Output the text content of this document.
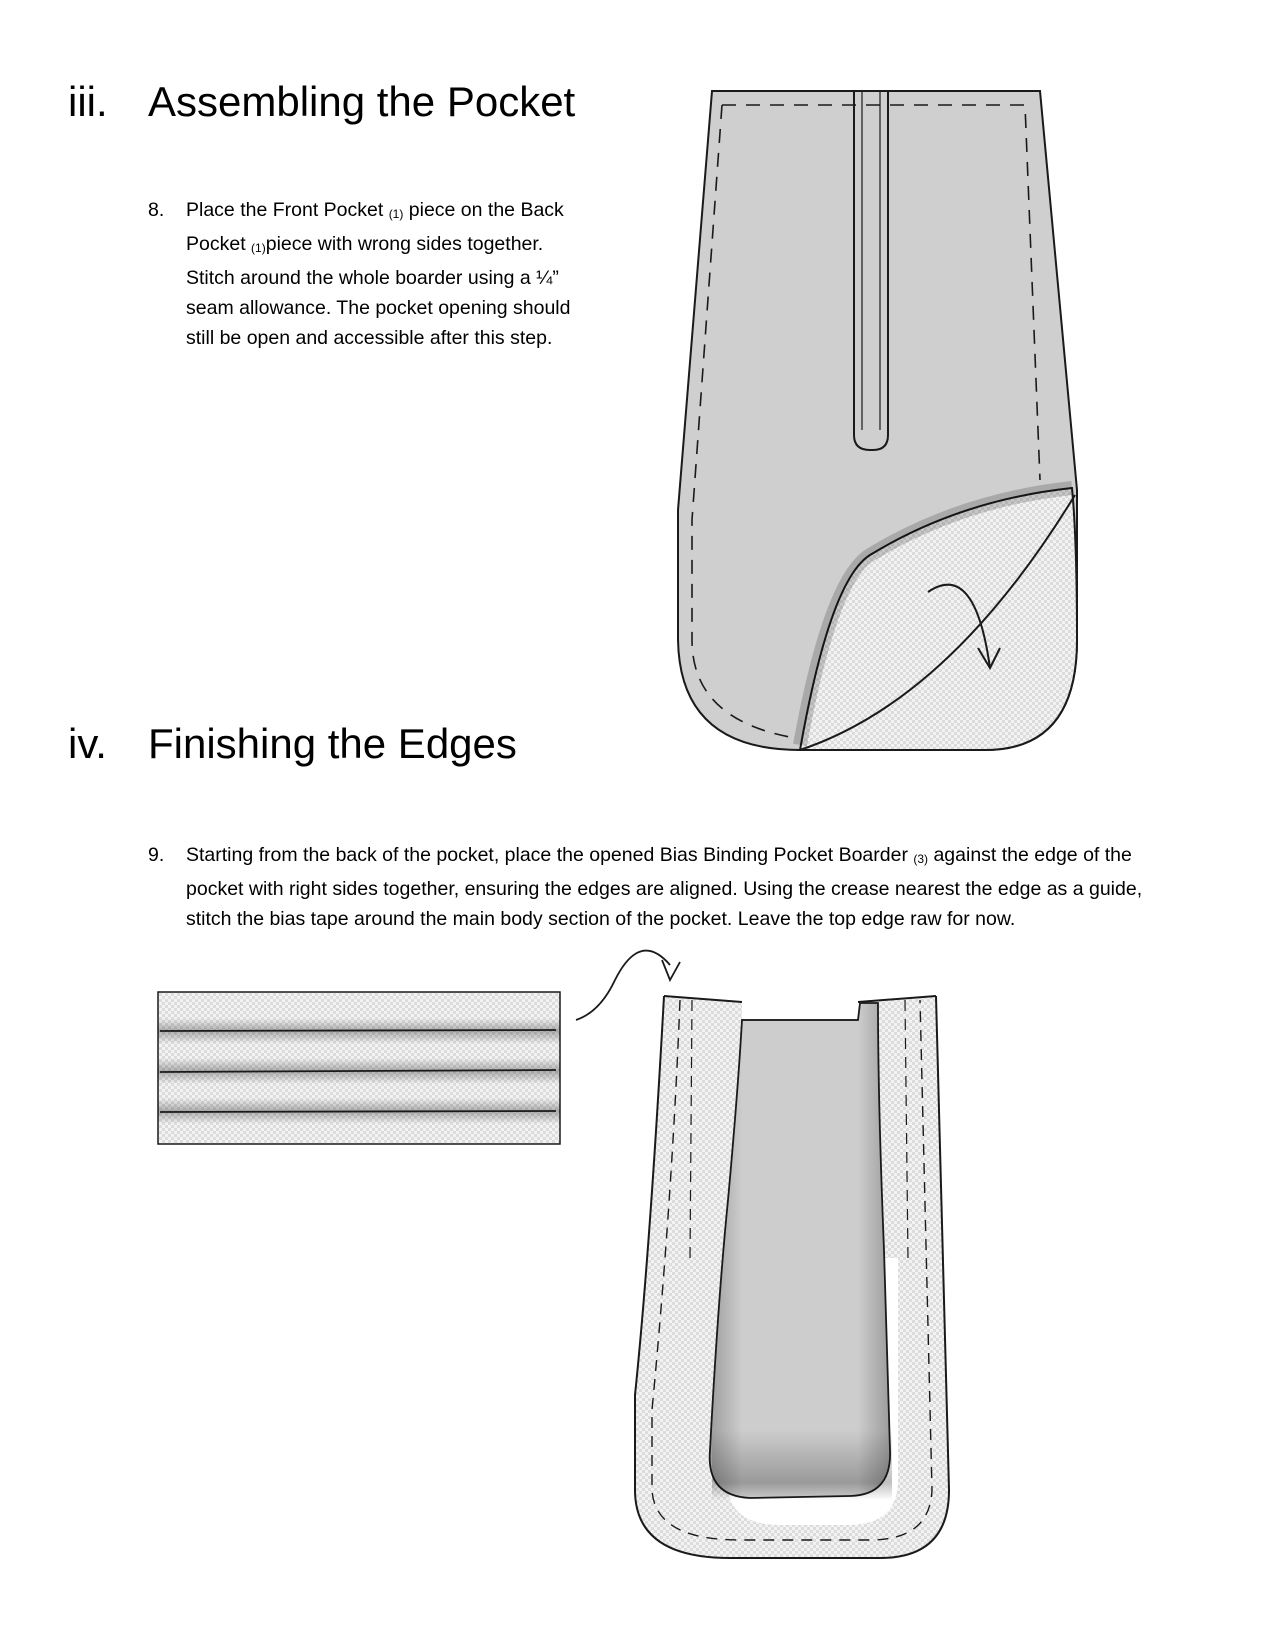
iii. Assembling the Pocket
8. Place the Front Pocket $_{(1)}$ piece on the Back Pocket $_{(1)}$piece with wrong sides together. Stitch around the whole boarder using a ¼” seam allowance. The pocket opening should still be open and accessible after this step.
iv. Finishing the Edges
9. Starting from the back of the pocket, place the opened Bias Binding Pocket Boarder $_{(3)}$ against the edge of the pocket with right sides together, ensuring the edges are aligned. Using the crease nearest the edge as a guide, stitch the bias tape around the main body section of the pocket. Leave the top edge raw for now.
